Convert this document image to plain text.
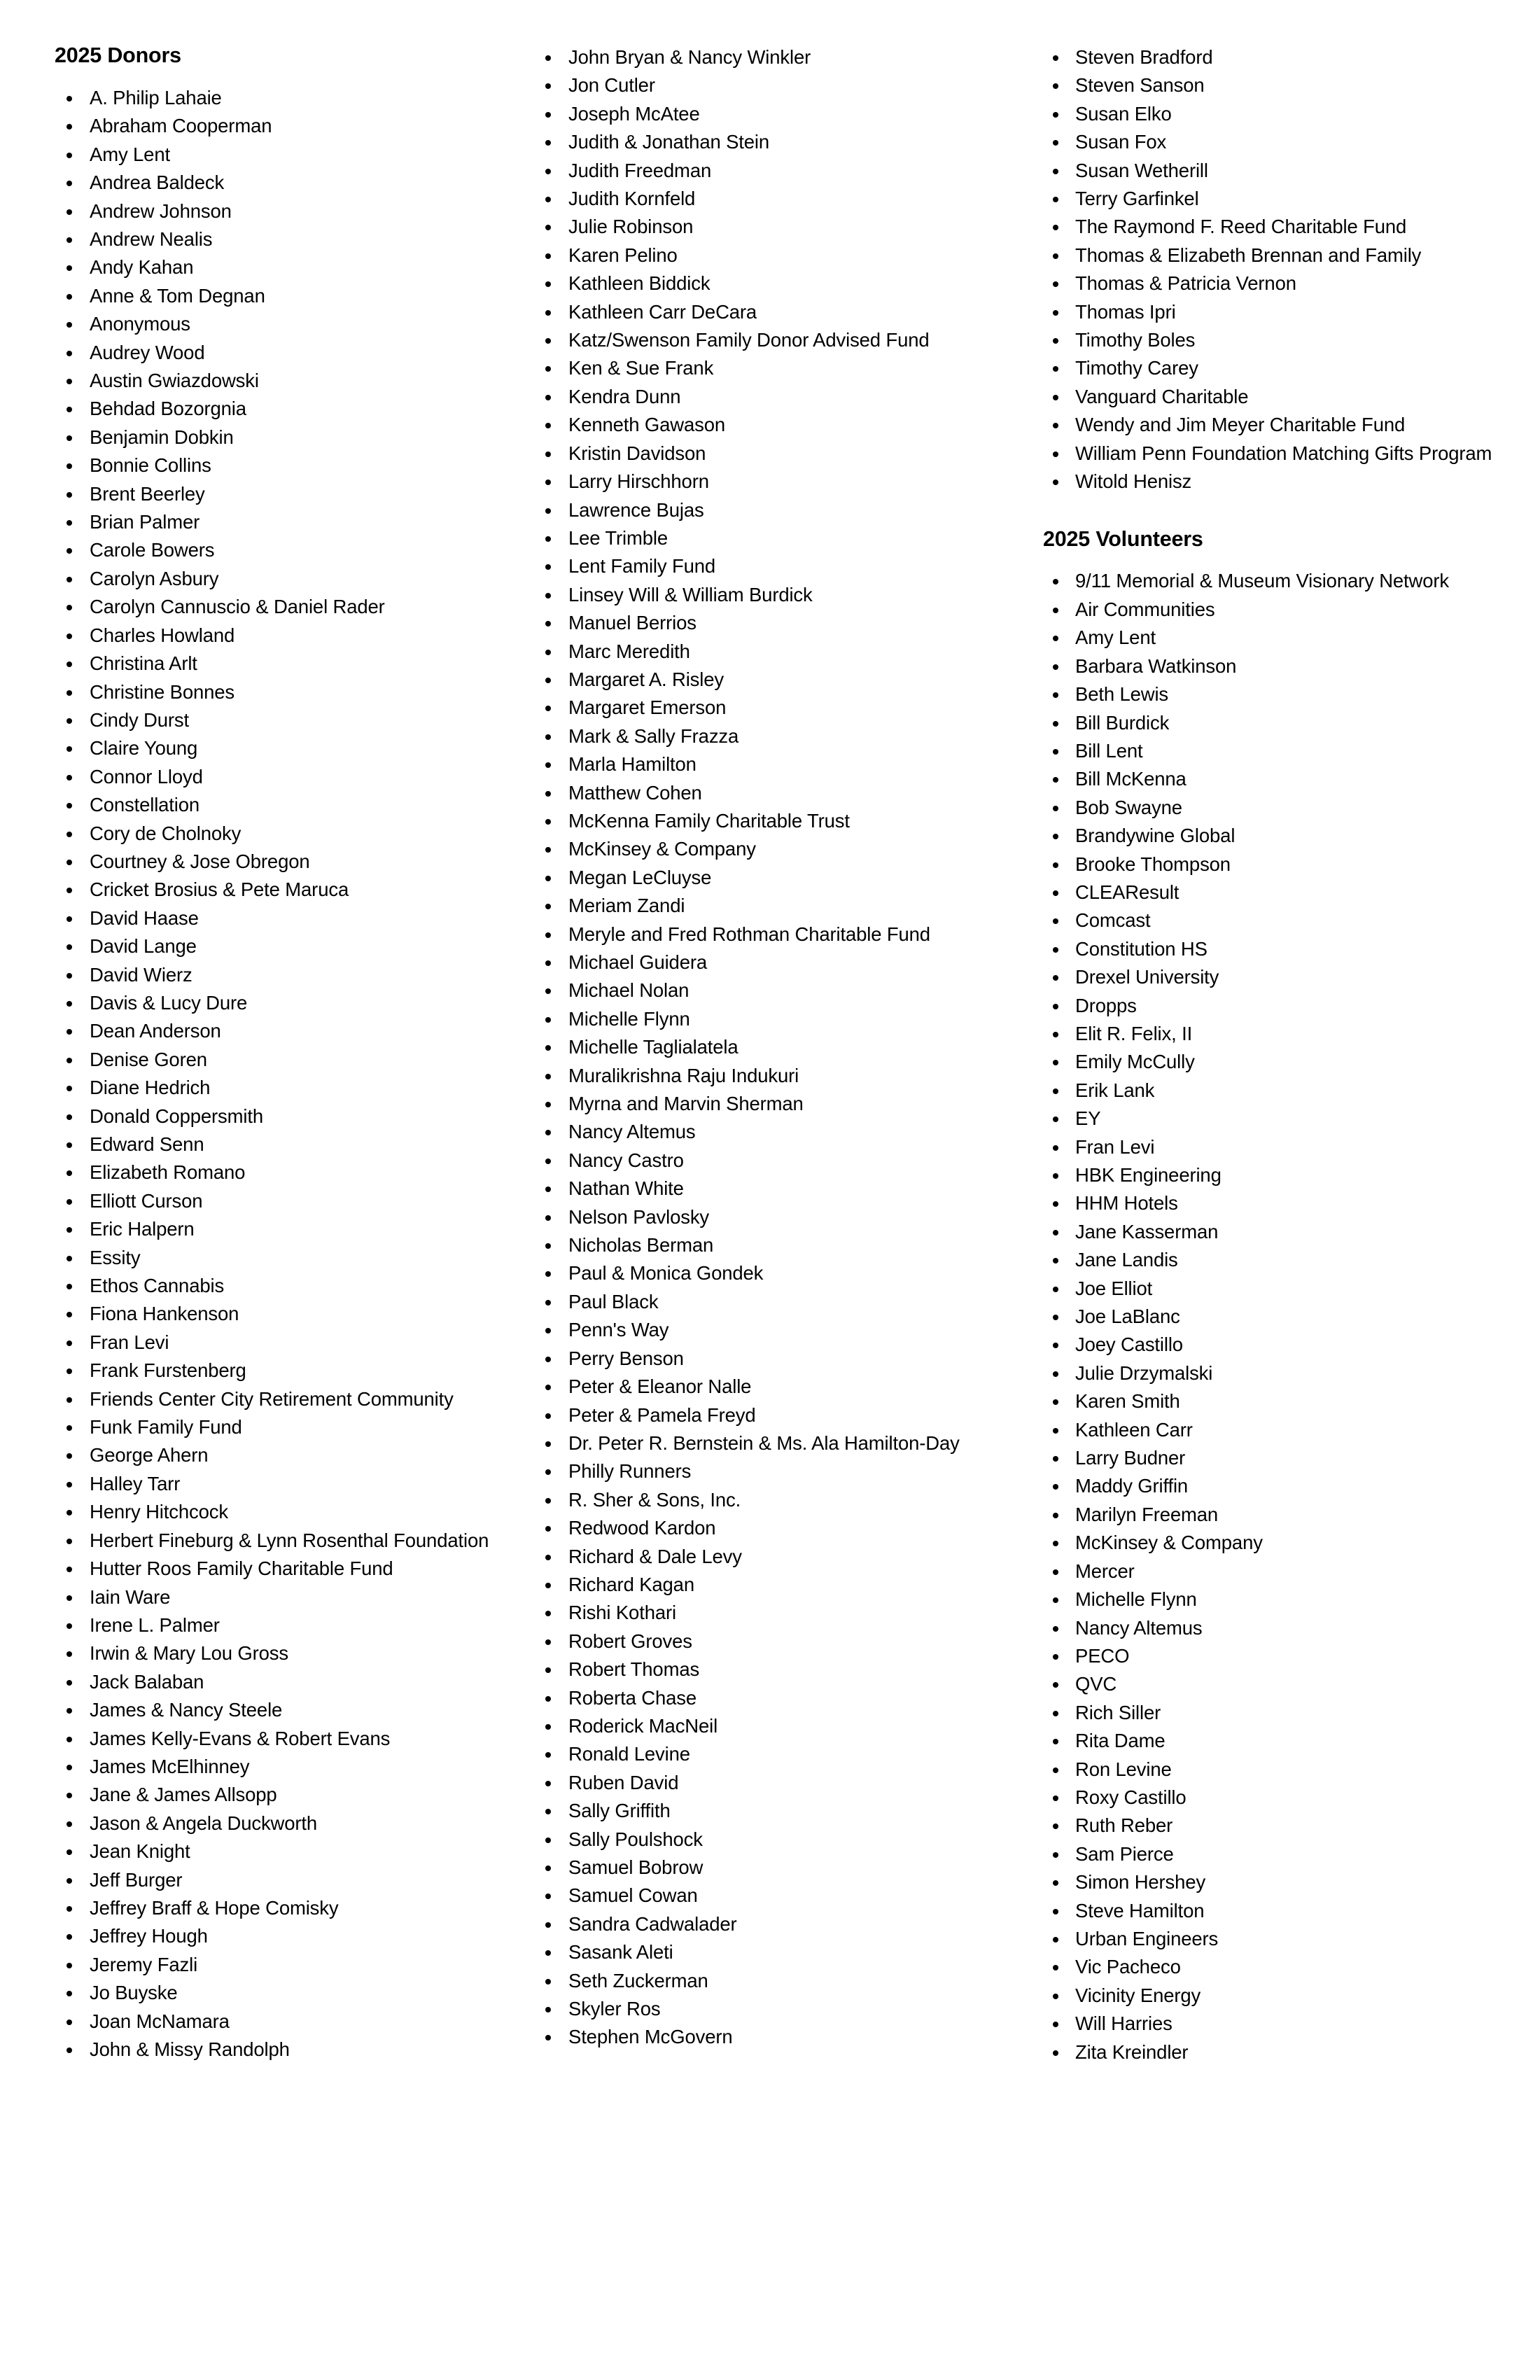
2025 Donors
A. Philip Lahaie
Abraham Cooperman
Amy Lent
Andrea Baldeck
Andrew Johnson
Andrew Nealis
Andy Kahan
Anne & Tom Degnan
Anonymous
Audrey Wood
Austin Gwiazdowski
Behdad Bozorgnia
Benjamin Dobkin
Bonnie Collins
Brent Beerley
Brian Palmer
Carole Bowers
Carolyn Asbury
Carolyn Cannuscio & Daniel Rader
Charles Howland
Christina Arlt
Christine Bonnes
Cindy Durst
Claire Young
Connor Lloyd
Constellation
Cory de Cholnoky
Courtney & Jose Obregon
Cricket Brosius & Pete Maruca
David Haase
David Lange
David Wierz
Davis & Lucy Dure
Dean Anderson
Denise Goren
Diane Hedrich
Donald Coppersmith
Edward Senn
Elizabeth Romano
Elliott Curson
Eric Halpern
Essity
Ethos Cannabis
Fiona Hankenson
Fran Levi
Frank Furstenberg
Friends Center City Retirement Community
Funk Family Fund
George Ahern
Halley Tarr
Henry Hitchcock
Herbert Fineburg & Lynn Rosenthal Foundation
Hutter Roos Family Charitable Fund
Iain Ware
Irene L. Palmer
Irwin & Mary Lou Gross
Jack Balaban
James & Nancy Steele
James Kelly-Evans & Robert Evans
James McElhinney
Jane & James Allsopp
Jason & Angela Duckworth
Jean Knight
Jeff Burger
Jeffrey Braff & Hope Comisky
Jeffrey Hough
Jeremy Fazli
Jo Buyske
Joan McNamara
John & Missy Randolph
John Bryan & Nancy Winkler
Jon Cutler
Joseph McAtee
Judith & Jonathan Stein
Judith Freedman
Judith Kornfeld
Julie Robinson
Karen Pelino
Kathleen Biddick
Kathleen Carr DeCara
Katz/Swenson Family Donor Advised Fund
Ken & Sue Frank
Kendra Dunn
Kenneth Gawason
Kristin Davidson
Larry Hirschhorn
Lawrence Bujas
Lee Trimble
Lent Family Fund
Linsey Will & William Burdick
Manuel Berrios
Marc Meredith
Margaret A. Risley
Margaret Emerson
Mark & Sally Frazza
Marla Hamilton
Matthew Cohen
McKenna Family Charitable Trust
McKinsey & Company
Megan LeCluyse
Meriam Zandi
Meryle and Fred Rothman Charitable Fund
Michael Guidera
Michael Nolan
Michelle Flynn
Michelle Taglialatela
Muralikrishna Raju Indukuri
Myrna and Marvin Sherman
Nancy Altemus
Nancy Castro
Nathan White
Nelson Pavlosky
Nicholas Berman
Paul & Monica Gondek
Paul Black
Penn's Way
Perry Benson
Peter & Eleanor Nalle
Peter & Pamela Freyd
Dr. Peter R. Bernstein & Ms. Ala Hamilton-Day
Philly Runners
R. Sher & Sons, Inc.
Redwood Kardon
Richard & Dale Levy
Richard Kagan
Rishi Kothari
Robert Groves
Robert Thomas
Roberta Chase
Roderick MacNeil
Ronald Levine
Ruben David
Sally Griffith
Sally Poulshock
Samuel Bobrow
Samuel Cowan
Sandra Cadwalader
Sasank Aleti
Seth Zuckerman
Skyler Ros
Stephen McGovern
Steven Bradford
Steven Sanson
Susan Elko
Susan Fox
Susan Wetherill
Terry Garfinkel
The Raymond F. Reed Charitable Fund
Thomas & Elizabeth Brennan and Family
Thomas & Patricia Vernon
Thomas Ipri
Timothy Boles
Timothy Carey
Vanguard Charitable
Wendy and Jim Meyer Charitable Fund
William Penn Foundation Matching Gifts Program
Witold Henisz
2025 Volunteers
9/11 Memorial & Museum Visionary Network
Air Communities
Amy Lent
Barbara Watkinson
Beth Lewis
Bill Burdick
Bill Lent
Bill McKenna
Bob Swayne
Brandywine Global
Brooke Thompson
CLEAResult
Comcast
Constitution HS
Drexel University
Dropps
Elit R. Felix, II
Emily McCully
Erik Lank
EY
Fran Levi
HBK Engineering
HHM Hotels
Jane Kasserman
Jane Landis
Joe Elliot
Joe LaBlanc
Joey Castillo
Julie Drzymalski
Karen Smith
Kathleen Carr
Larry Budner
Maddy Griffin
Marilyn Freeman
McKinsey & Company
Mercer
Michelle Flynn
Nancy Altemus
PECO
QVC
Rich Siller
Rita Dame
Ron Levine
Roxy Castillo
Ruth Reber
Sam Pierce
Simon Hershey
Steve Hamilton
Urban Engineers
Vic Pacheco
Vicinity Energy
Will Harries
Zita Kreindler
